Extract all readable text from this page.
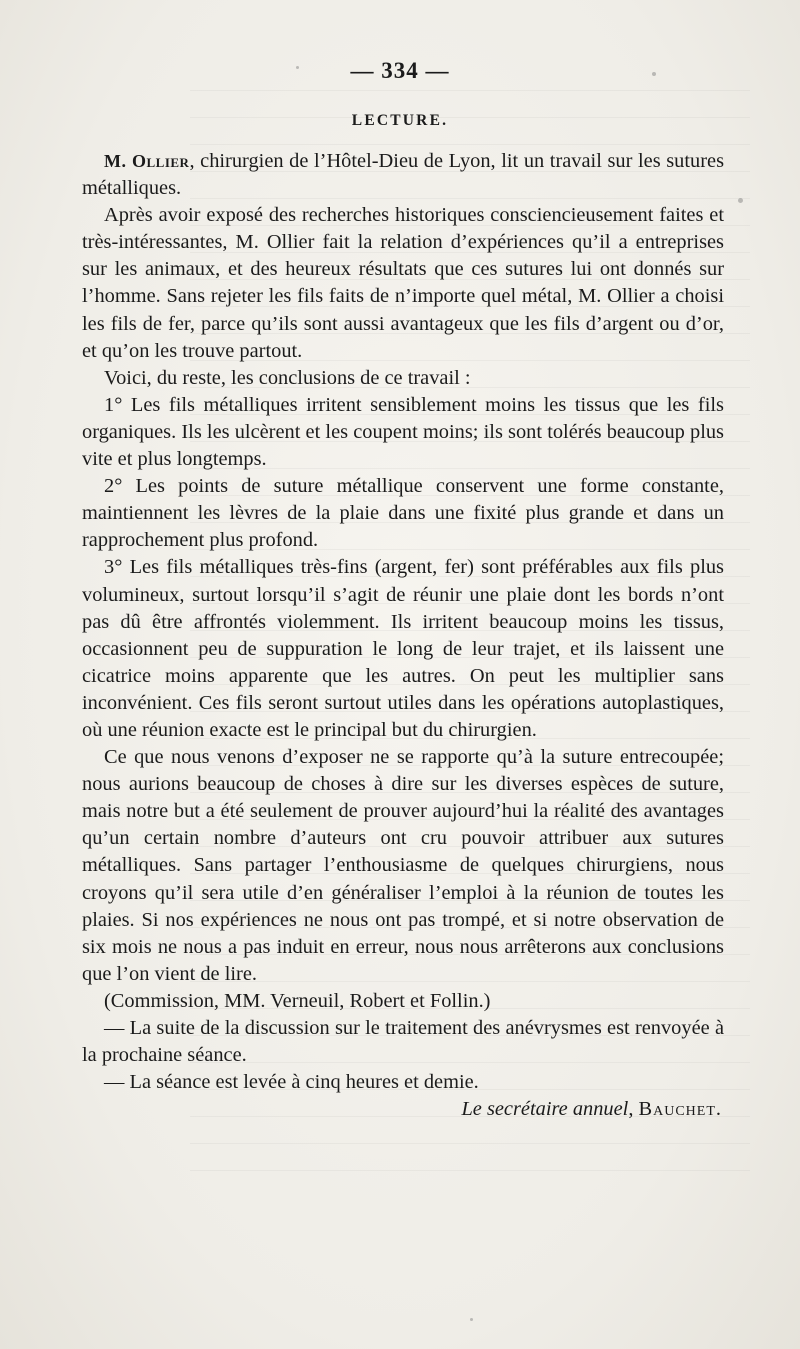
— 334 —
LECTURE.

M. Ollier, chirurgien de l’Hôtel-Dieu de Lyon, lit un travail sur les sutures métalliques.

Après avoir exposé des recherches historiques consciencieusement faites et très-intéressantes, M. Ollier fait la relation d’expériences qu’il a entreprises sur les animaux, et des heureux résultats que ces sutures lui ont donnés sur l’homme. Sans rejeter les fils faits de n’importe quel métal, M. Ollier a choisi les fils de fer, parce qu’ils sont aussi avantageux que les fils d’argent ou d’or, et qu’on les trouve partout.

Voici, du reste, les conclusions de ce travail :

1° Les fils métalliques irritent sensiblement moins les tissus que les fils organiques. Ils les ulcèrent et les coupent moins; ils sont tolérés beaucoup plus vite et plus longtemps.

2° Les points de suture métallique conservent une forme constante, maintiennent les lèvres de la plaie dans une fixité plus grande et dans un rapprochement plus profond.

3° Les fils métalliques très-fins (argent, fer) sont préférables aux fils plus volumineux, surtout lorsqu’il s’agit de réunir une plaie dont les bords n’ont pas dû être affrontés violemment. Ils irritent beaucoup moins les tissus, occasionnent peu de suppuration le long de leur trajet, et ils laissent une cicatrice moins apparente que les autres. On peut les multiplier sans inconvénient. Ces fils seront surtout utiles dans les opérations autoplastiques, où une réunion exacte est le principal but du chirurgien.

Ce que nous venons d’exposer ne se rapporte qu’à la suture entrecoupée; nous aurions beaucoup de choses à dire sur les diverses espèces de suture, mais notre but a été seulement de prouver aujourd’hui la réalité des avantages qu’un certain nombre d’auteurs ont cru pouvoir attribuer aux sutures métalliques. Sans partager l’enthousiasme de quelques chirurgiens, nous croyons qu’il sera utile d’en généraliser l’emploi à la réunion de toutes les plaies. Si nos expériences ne nous ont pas trompé, et si notre observation de six mois ne nous a pas induit en erreur, nous nous arrêterons aux conclusions que l’on vient de lire.

(Commission, MM. Verneuil, Robert et Follin.)

— La suite de la discussion sur le traitement des anévrysmes est renvoyée à la prochaine séance.

— La séance est levée à cinq heures et demie.

Le secrétaire annuel, Bauchet.
